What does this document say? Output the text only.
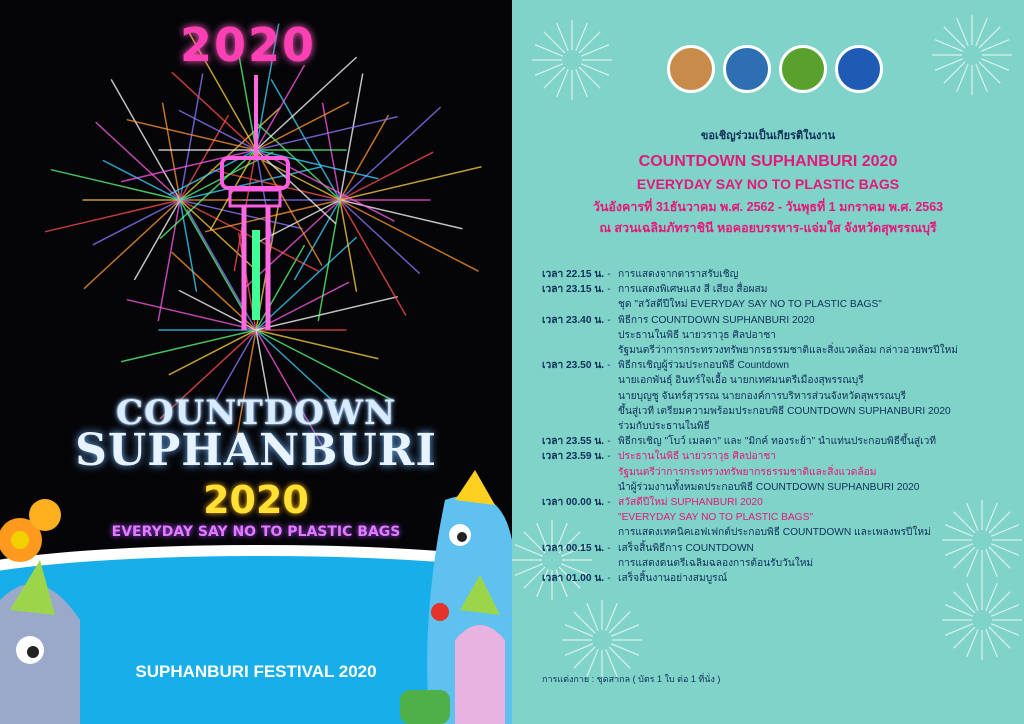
2020
COUNTDOWN
SUPHANBURI
2020
EVERYDAY SAY NO TO PLASTIC BAGS
SUPHANBURI FESTIVAL 2020
ขอเชิญร่วมเป็นเกียรติในงาน
COUNTDOWN SUPHANBURI 2020
EVERYDAY SAY NO TO PLASTIC BAGS
วันอังคารที่ 31ธันวาคม พ.ศ. 2562 - วันพุธที่ 1 มกราคม พ.ศ. 2563
ณ สวนเฉลิมภัทราชินี หอคอยบรรหาร-แจ่มใส จังหวัดสุพรรณบุรี
เวลา 22.15 น. - การแสดงจากดาราสรับเชิญ
เวลา 23.15 น. - การแสดงพิเศษแสง สี เสียง สื่อผสม
ชุด "สวัสดีปีใหม่ EVERYDAY SAY NO TO PLASTIC BAGS"
เวลา 23.40 น. - พิธีการ COUNTDOWN SUPHANBURI 2020
ประธานในพิธี นายวราวุธ ศิลปอาชา
รัฐมนตรีว่าการกระทรวงทรัพยากรธรรมชาติและสิ่งแวดล้อม กล่าวอวยพรปีใหม่
เวลา 23.50 น. - พิธีกรเชิญผู้ร่วมประกอบพิธี Countdown
นายเอกพันธุ์ อินทร์ใจเอื้อ นายกเทศมนตรีเมืองสุพรรณบุรี
นายบุญชู จันทร์สุวรรณ นายกองค์การบริหารส่วนจังหวัดสุพรรณบุรี
ขึ้นสู่เวที เตรียมความพร้อมประกอบพิธี COUNTDOWN SUPHANBURI 2020
ร่วมกับประธานในพิธี
เวลา 23.55 น. - พิธีกรเชิญ "โบว์ เมลดา" และ "มิกค์ ทองระย้า" นำแท่นประกอบพิธีขึ้นสู่เวที
เวลา 23.59 น. - ประธานในพิธี นายวราวุธ ศิลปอาชา
รัฐมนตรีว่าการกระทรวงทรัพยากรธรรมชาติและสิ่งแวดล้อม
นำผู้ร่วมงานทั้งหมดประกอบพิธี COUNTDOWN SUPHANBURI 2020
เวลา 00.00 น. - สวัสดีปีใหม่ SUPHANBURI 2020
"EVERYDAY SAY NO TO PLASTIC BAGS"
การแสดงเทคนิคเอฟเฟกต์ประกอบพิธี COUNTDOWN และเพลงพรปีใหม่
เวลา 00.15 น. - เสร็จสิ้นพิธีการ COUNTDOWN
การแสดงดนตรีเฉลิมฉลองการต้อนรับวันใหม่
เวลา 01.00 น. - เสร็จสิ้นงานอย่างสมบูรณ์
การแต่งกาย : ชุดสากล ( บัตร 1 ใบ ต่อ 1 ที่นั่ง )
